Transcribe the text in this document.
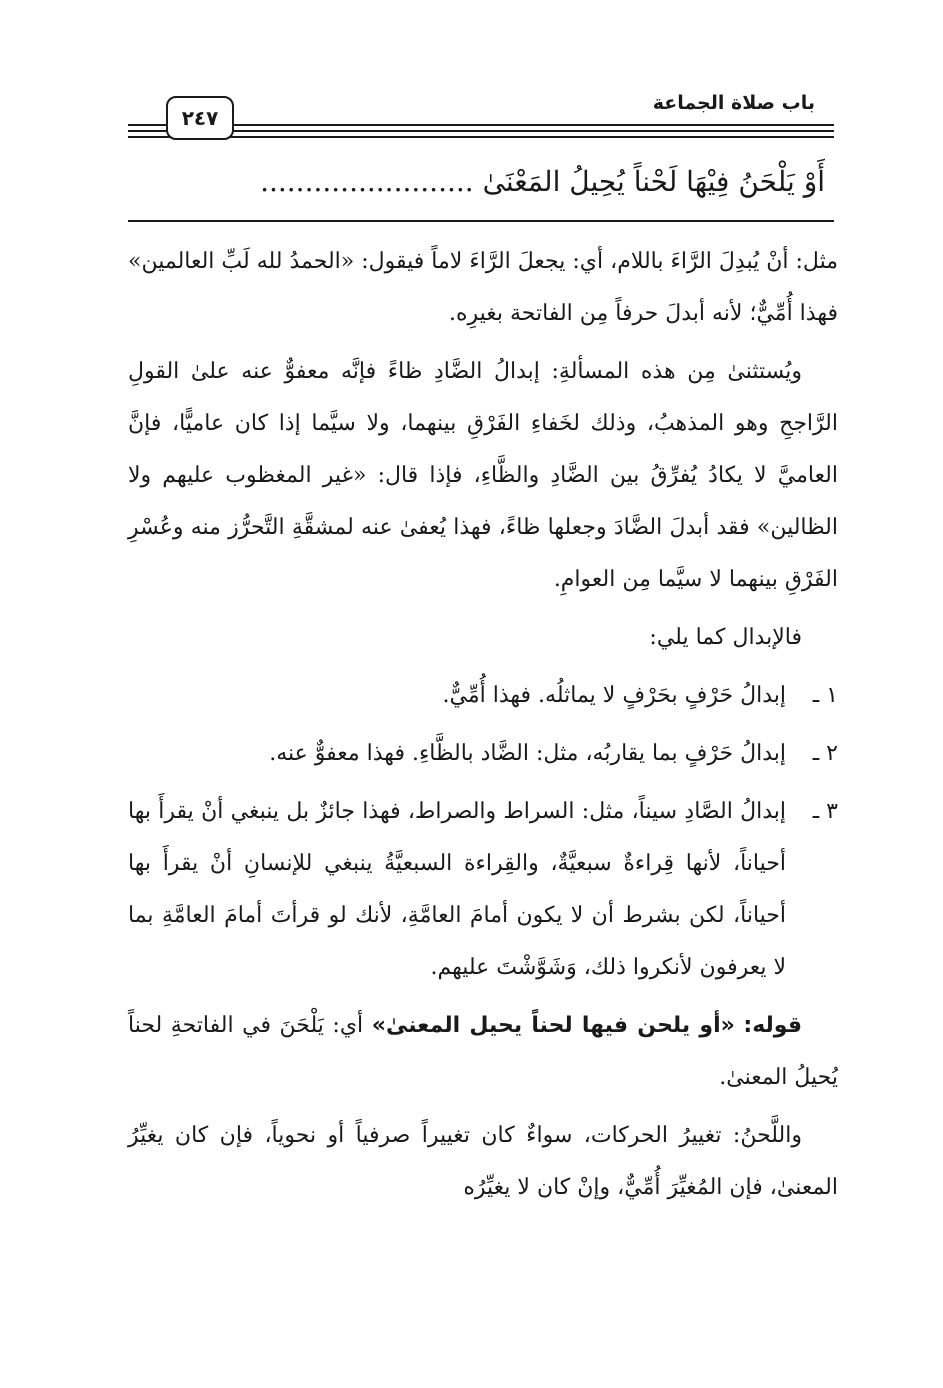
باب صلاة الجماعة
٢٤٧
أَوْ يَلْحَنُ فِيْهَا لَحْناً يُحِيلُ المَعْنَىٰ ........................

مثل: أنْ يُبدِلَ الرَّاءَ باللام، أي: يجعلَ الرَّاءَ لاماً فيقول: «الحمدُ لله لَبِّ العالمين» فهذا أُمِّيٌّ؛ لأنه أبدلَ حرفاً مِن الفاتحة بغيرِه.

ويُستثنىٰ مِن هذه المسألةِ: إبدالُ الضَّادِ ظاءً فإنَّه معفوٌّ عنه علىٰ القولِ الرَّاجحِ وهو المذهبُ، وذلك لخَفاءِ الفَرْقِ بينهما، ولا سيَّما إذا كان عاميًّا، فإنَّ العاميَّ لا يكادُ يُفرِّقُ بين الضَّادِ والظَّاءِ، فإذا قال: «غير المغظوب عليهم ولا الظالين» فقد أبدلَ الضَّادَ وجعلها ظاءً، فهذا يُعفىٰ عنه لمشقَّةِ التَّحرُّز منه وعُسْرِ الفَرْقِ بينهما لا سيَّما مِن العوامِ.

فالإبدال كما يلي:

١ ـ
إبدالُ حَرْفٍ بحَرْفٍ لا يماثلُه. فهذا أُمِّيٌّ.
٢ ـ
إبدالُ حَرْفٍ بما يقاربُه، مثل: الضَّاد بالظَّاءِ. فهذا معفوٌّ عنه.
٣ ـ
إبدالُ الصَّادِ سيناً، مثل: السراط والصراط، فهذا جائزٌ بل ينبغي أنْ يقرأَ بها أحياناً، لأنها قِراءةٌ سبعيَّةٌ، والقِراءة السبعيَّةُ ينبغي للإنسانِ أنْ يقرأَ بها أحياناً، لكن بشرط أن لا يكون أمامَ العامَّةِ، لأنك لو قرأتَ أمامَ العامَّةِ بما لا يعرفون لأنكروا ذلك، وَشَوَّشْتَ عليهم.

قوله: «أو يلحن فيها لحناً يحيل المعنىٰ» أي: يَلْحَنَ في الفاتحةِ لحناً يُحيلُ المعنىٰ.

واللَّحنُ: تغييرُ الحركات، سواءٌ كان تغييراً صرفياً أو نحوياً، فإن كان يغيِّرُ المعنىٰ، فإن المُغيِّرَ أُمِّيٌّ، وإنْ كان لا يغيِّرُه
